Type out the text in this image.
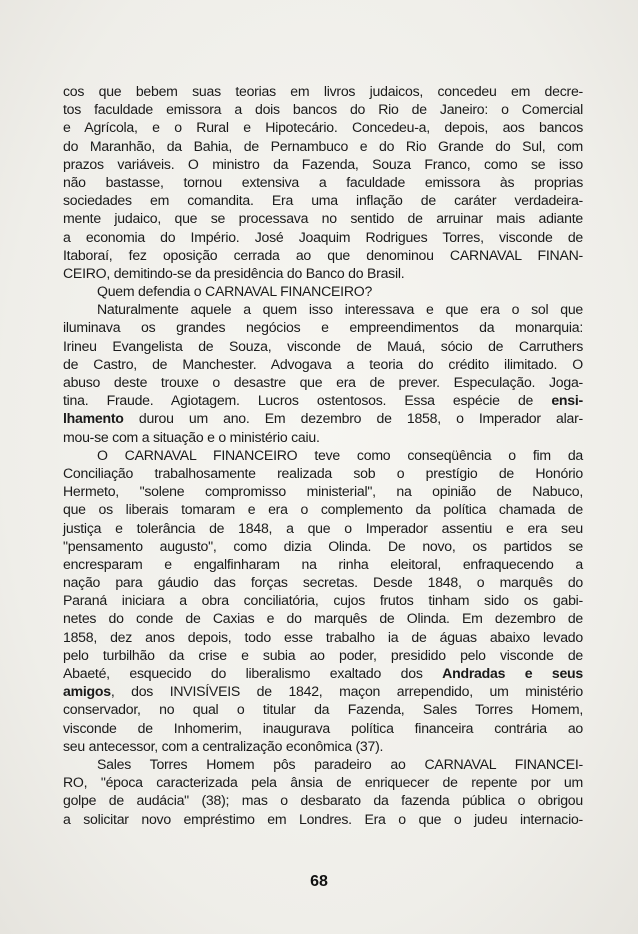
cos que bebem suas teorias em livros judaicos, concedeu em decre-
tos faculdade emissora a dois bancos do Rio de Janeiro: o Comercial
e Agrícola, e o Rural e Hipotecário. Concedeu-a, depois, aos bancos
do Maranhão, da Bahia, de Pernambuco e do Rio Grande do Sul, com
prazos variáveis. O ministro da Fazenda, Souza Franco, como se isso
não bastasse, tornou extensiva a faculdade emissora às proprias
sociedades em comandita. Era uma inflação de caráter verdadeira-
mente judaico, que se processava no sentido de arruinar mais adiante
a economia do Império. José Joaquim Rodrigues Torres, visconde de
Itaboraí, fez oposição cerrada ao que denominou CARNAVAL FINAN-
CEIRO, demitindo-se da presidência do Banco do Brasil.
Quem defendia o CARNAVAL FINANCEIRO?
Naturalmente aquele a quem isso interessava e que era o sol que
iluminava os grandes negócios e empreendimentos da monarquia:
Irineu Evangelista de Souza, visconde de Mauá, sócio de Carruthers
de Castro, de Manchester. Advogava a teoria do crédito ilimitado. O
abuso deste trouxe o desastre que era de prever. Especulação. Joga-
tina. Fraude. Agiotagem. Lucros ostentosos. Essa espécie de ensi-
lhamento durou um ano. Em dezembro de 1858, o Imperador alar-
mou-se com a situação e o ministério caiu.
O CARNAVAL FINANCEIRO teve como conseqüência o fim da
Conciliação trabalhosamente realizada sob o prestígio de Honório
Hermeto, "solene compromisso ministerial", na opinião de Nabuco,
que os liberais tomaram e era o complemento da política chamada de
justiça e tolerância de 1848, a que o Imperador assentiu e era seu
"pensamento augusto", como dizia Olinda. De novo, os partidos se
encresparam e engalfinharam na rinha eleitoral, enfraquecendo a
nação para gáudio das forças secretas. Desde 1848, o marquês do
Paraná iniciara a obra conciliatória, cujos frutos tinham sido os gabi-
netes do conde de Caxias e do marquês de Olinda. Em dezembro de
1858, dez anos depois, todo esse trabalho ia de águas abaixo levado
pelo turbilhão da crise e subia ao poder, presidido pelo visconde de
Abaeté, esquecido do liberalismo exaltado dos Andradas e seus
amigos, dos INVISÍVEIS de 1842, maçon arrependido, um ministério
conservador, no qual o titular da Fazenda, Sales Torres Homem,
visconde de Inhomerim, inaugurava política financeira contrária ao
seu antecessor, com a centralização econômica (37).
Sales Torres Homem pôs paradeiro ao CARNAVAL FINANCEI-
RO, "época caracterizada pela ânsia de enriquecer de repente por um
golpe de audácia" (38); mas o desbarato da fazenda pública o obrigou
a solicitar novo empréstimo em Londres. Era o que o judeu internacio-
68
